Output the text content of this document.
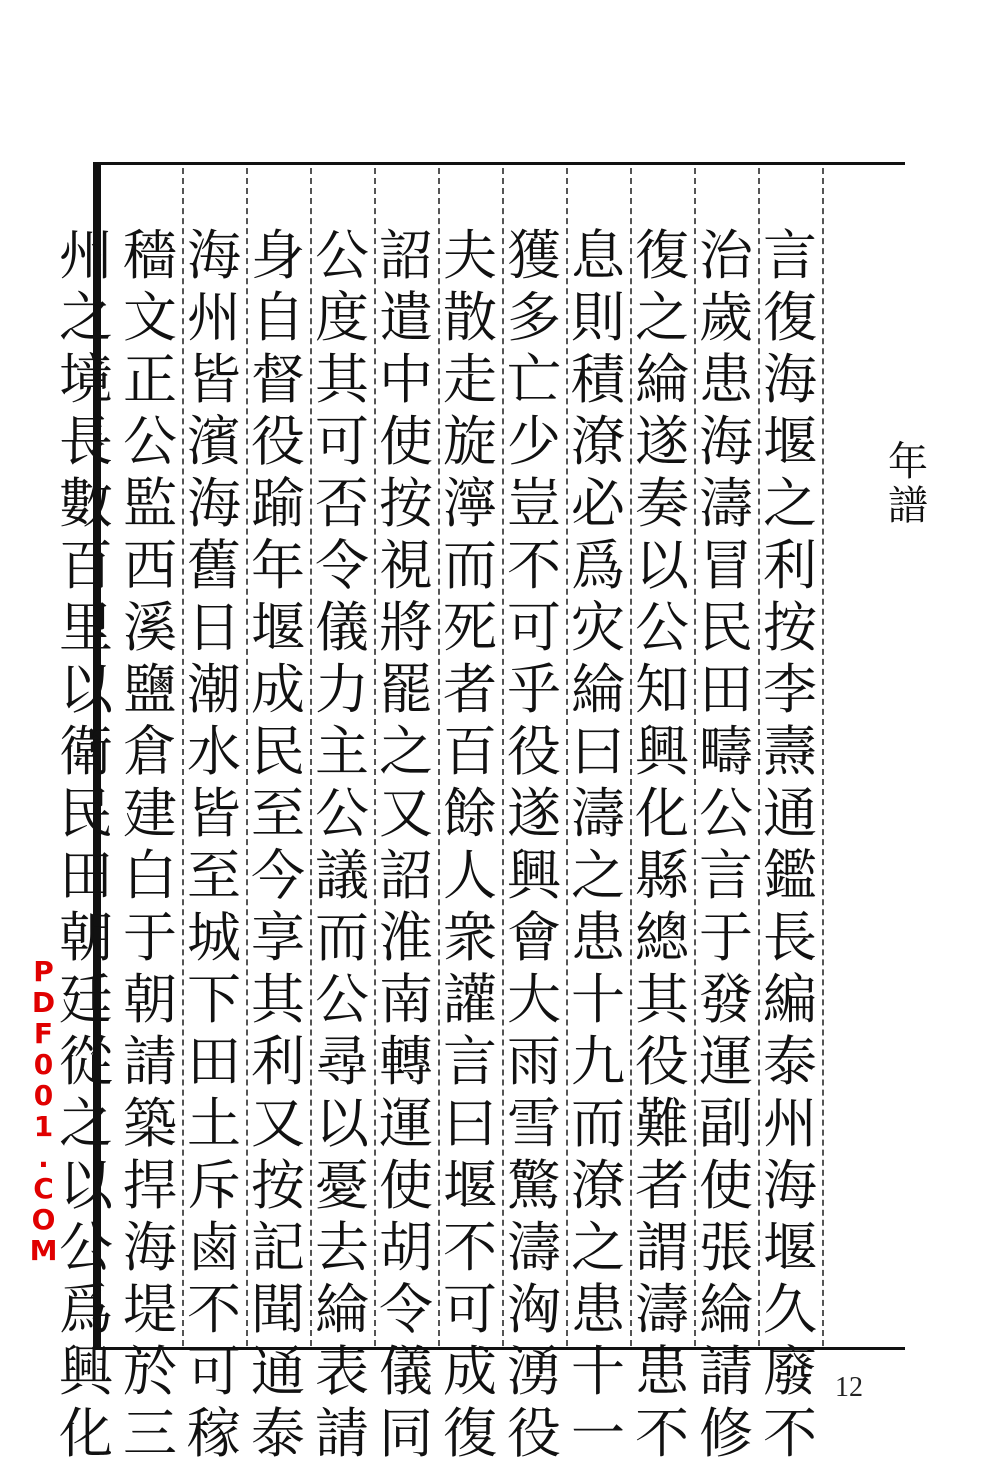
言
復
海
堰
之
利
按
李
燾
通
鑑
長
編
泰
州
海
堰
久
廢
不
治
歲
患
海
濤
冒
民
田
疇
公
言
于
發
運
副
使
張
綸
請
修
復
之
綸
遂
奏
以
公
知
興
化
縣
總
其
役
難
者
謂
濤
患
不
息
則
積
潦
必
爲
灾
綸
曰
濤
之
患
十
九
而
潦
之
患
十
一
獲
多
亡
少
豈
不
可
乎
役
遂
興
會
大
雨
雪
驚
濤
洶
湧
役
夫
散
走
旋
濘
而
死
者
百
餘
人
衆
讙
言
曰
堰
不
可
成
復
詔
遣
中
使
按
視
將
罷
之
又
詔
淮
南
轉
運
使
胡
令
儀
同
公
度
其
可
否
令
儀
力
主
公
議
而
公
尋
以
憂
去
綸
表
請
身
自
督
役
踰
年
堰
成
民
至
今
享
其
利
又
按
記
聞
通
泰
海
州
皆
濱
海
舊
日
潮
水
皆
至
城
下
田
土
斥
鹵
不
可
稼
穡
文
正
公
監
西
溪
鹽
倉
建
白
于
朝
請
築
捍
海
堤
於
三
州
之
境
長
數
百
里
以
衛
民
田
朝
廷
從
之
以
公
爲
興
化
年
譜
PDF001.COM
12
